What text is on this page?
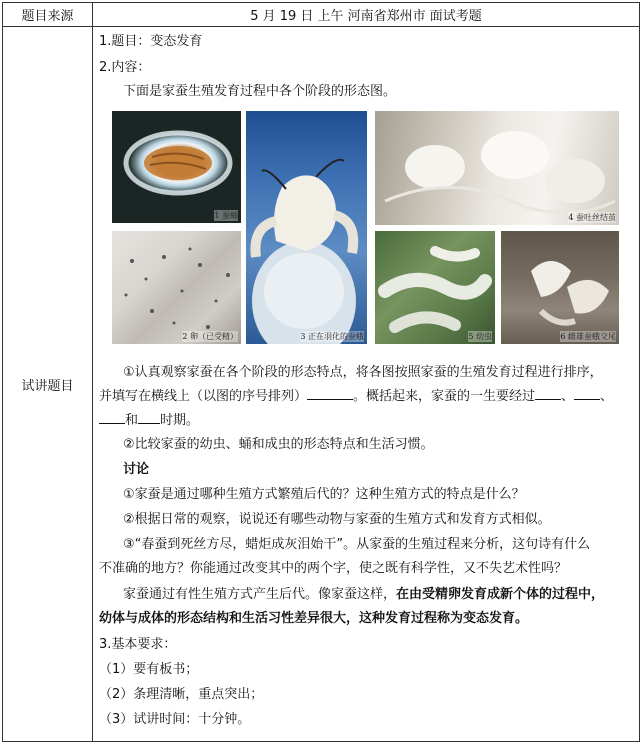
题目来源	5 月 19 日 上午 河南省郑州市 面试考题
试讲题目
1.题目：变态发育
2.内容：
下面是家蚕生殖发育过程中各个阶段的形态图。
1 蚕蛹
2 卵（已受精）	3 正在羽化的蚕蛾
4 蚕吐丝结茧
5 幼虫	6 雌雄蚕蛾交尾
①认真观察家蚕在各个阶段的形态特点，将各图按照家蚕的生殖发育过程进行排序，
并填写在横线上（以图的序号排列）	。概括起来，家蚕的一生要经过 、 、
和 时期。
②比较家蚕的幼虫、蛹和成虫的形态特点和生活习惯。
讨论
①家蚕是通过哪种生殖方式繁殖后代的？这种生殖方式的特点是什么？
②根据日常的观察，说说还有哪些动物与家蚕的生殖方式和发育方式相似。
③“春蚕到死丝方尽，蜡炬成灰泪始干”。从家蚕的生殖过程来分析，这句诗有什么
不准确的地方？你能通过改变其中的两个字，使之既有科学性，又不失艺术性吗？
家蚕通过有性生殖方式产生后代。像家蚕这样，在由受精卵发育成新个体的过程中，
幼体与成体的形态结构和生活习性差异很大，这种发育过程称为变态发育。
3.基本要求：
（1）要有板书；
（2）条理清晰，重点突出；
（3）试讲时间：十分钟。
